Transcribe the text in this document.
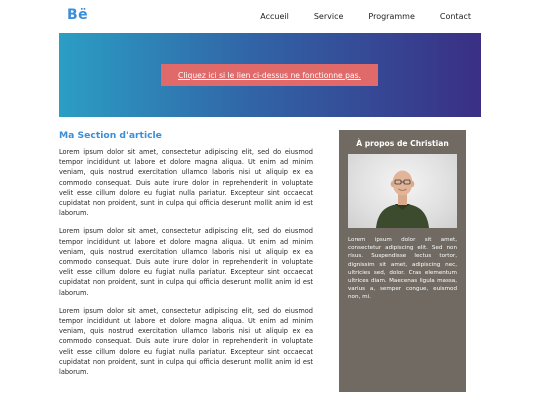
Bë	Accueil	Service	Programme	Contact
Cliquez ici si le lien ci-dessus ne fonctionne pas.
Ma Section d'article

Lorem ipsum dolor sit amet, consectetur adipiscing elit, sed do eiusmod tempor incididunt ut labore et dolore magna aliqua. Ut enim ad minim veniam, quis nostrud exercitation ullamco laboris nisi ut aliquip ex ea commodo consequat. Duis aute irure dolor in reprehenderit in voluptate velit esse cillum dolore eu fugiat nulla pariatur. Excepteur sint occaecat cupidatat non proident, sunt in culpa qui officia deserunt mollit anim id est laborum.

Lorem ipsum dolor sit amet, consectetur adipiscing elit, sed do eiusmod tempor incididunt ut labore et dolore magna aliqua. Ut enim ad minim veniam, quis nostrud exercitation ullamco laboris nisi ut aliquip ex ea commodo consequat. Duis aute irure dolor in reprehenderit in voluptate velit esse cillum dolore eu fugiat nulla pariatur. Excepteur sint occaecat cupidatat non proident, sunt in culpa qui officia deserunt mollit anim id est laborum.

Lorem ipsum dolor sit amet, consectetur adipiscing elit, sed do eiusmod tempor incididunt ut labore et dolore magna aliqua. Ut enim ad minim veniam, quis nostrud exercitation ullamco laboris nisi ut aliquip ex ea commodo consequat. Duis aute irure dolor in reprehenderit in voluptate velit esse cillum dolore eu fugiat nulla pariatur. Excepteur sint occaecat cupidatat non proident, sunt in culpa qui officia deserunt mollit anim id est laborum.

À propos de Christian
Lorem ipsum dolor sit amet, consectetur adipiscing elit. Sed non risus. Suspendisse lectus tortor, dignissim sit amet, adipiscing nec, ultricies sed, dolor. Cras elementum ultrices diam. Maecenas ligula massa, varius a, semper congue, euismod non, mi.
